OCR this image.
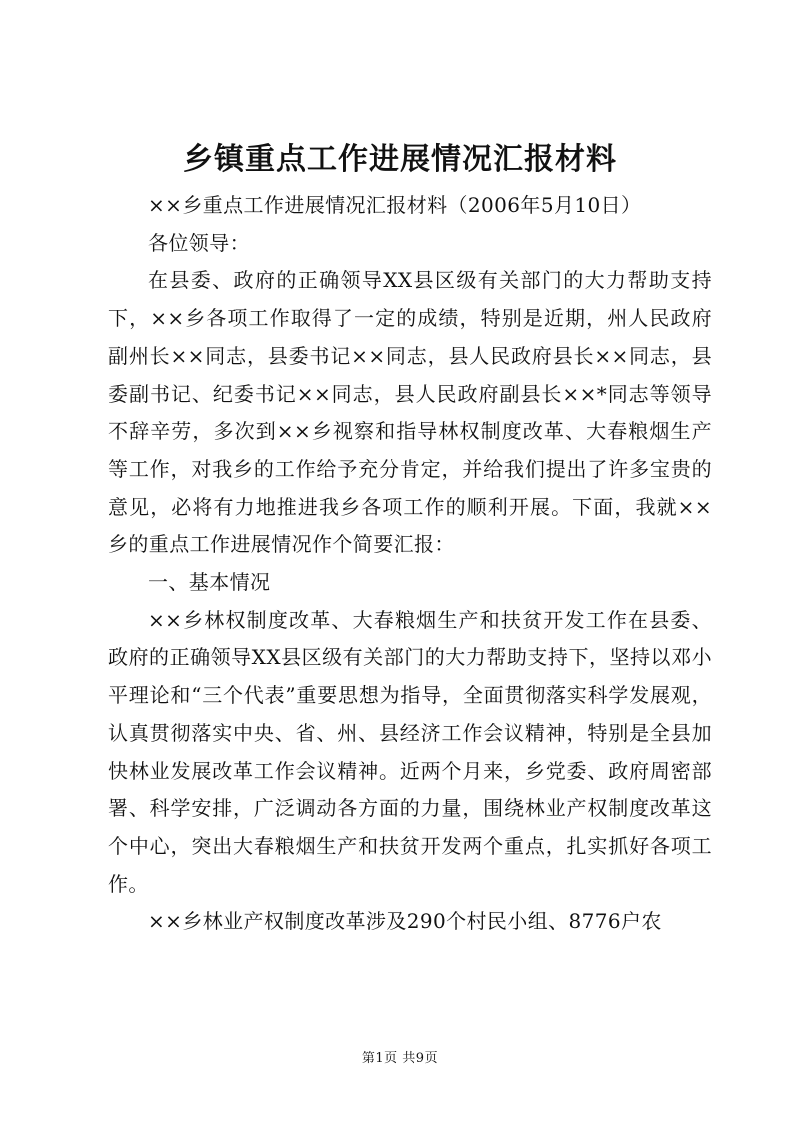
乡镇重点工作进展情况汇报材料

××乡重点工作进展情况汇报材料（2006年5月10日）

各位领导：

在县委、政府的正确领导XX县区级有关部门的大力帮助支持下，××乡各项工作取得了一定的成绩，特别是近期，州人民政府副州长××同志，县委书记××同志，县人民政府县长××同志，县委副书记、纪委书记××同志，县人民政府副县长××*同志等领导不辞辛劳，多次到××乡视察和指导林权制度改革、大春粮烟生产等工作，对我乡的工作给予充分肯定，并给我们提出了许多宝贵的意见，必将有力地推进我乡各项工作的顺利开展。下面，我就××乡的重点工作进展情况作个简要汇报：

一、基本情况

××乡林权制度改革、大春粮烟生产和扶贫开发工作在县委、政府的正确领导XX县区级有关部门的大力帮助支持下，坚持以邓小平理论和“三个代表”重要思想为指导，全面贯彻落实科学发展观，认真贯彻落实中央、省、州、县经济工作会议精神，特别是全县加快林业发展改革工作会议精神。近两个月来，乡党委、政府周密部署、科学安排，广泛调动各方面的力量，围绕林业产权制度改革这个中心，突出大春粮烟生产和扶贫开发两个重点，扎实抓好各项工作。

××乡林业产权制度改革涉及290个村民小组、8776户农

第1页 共9页
